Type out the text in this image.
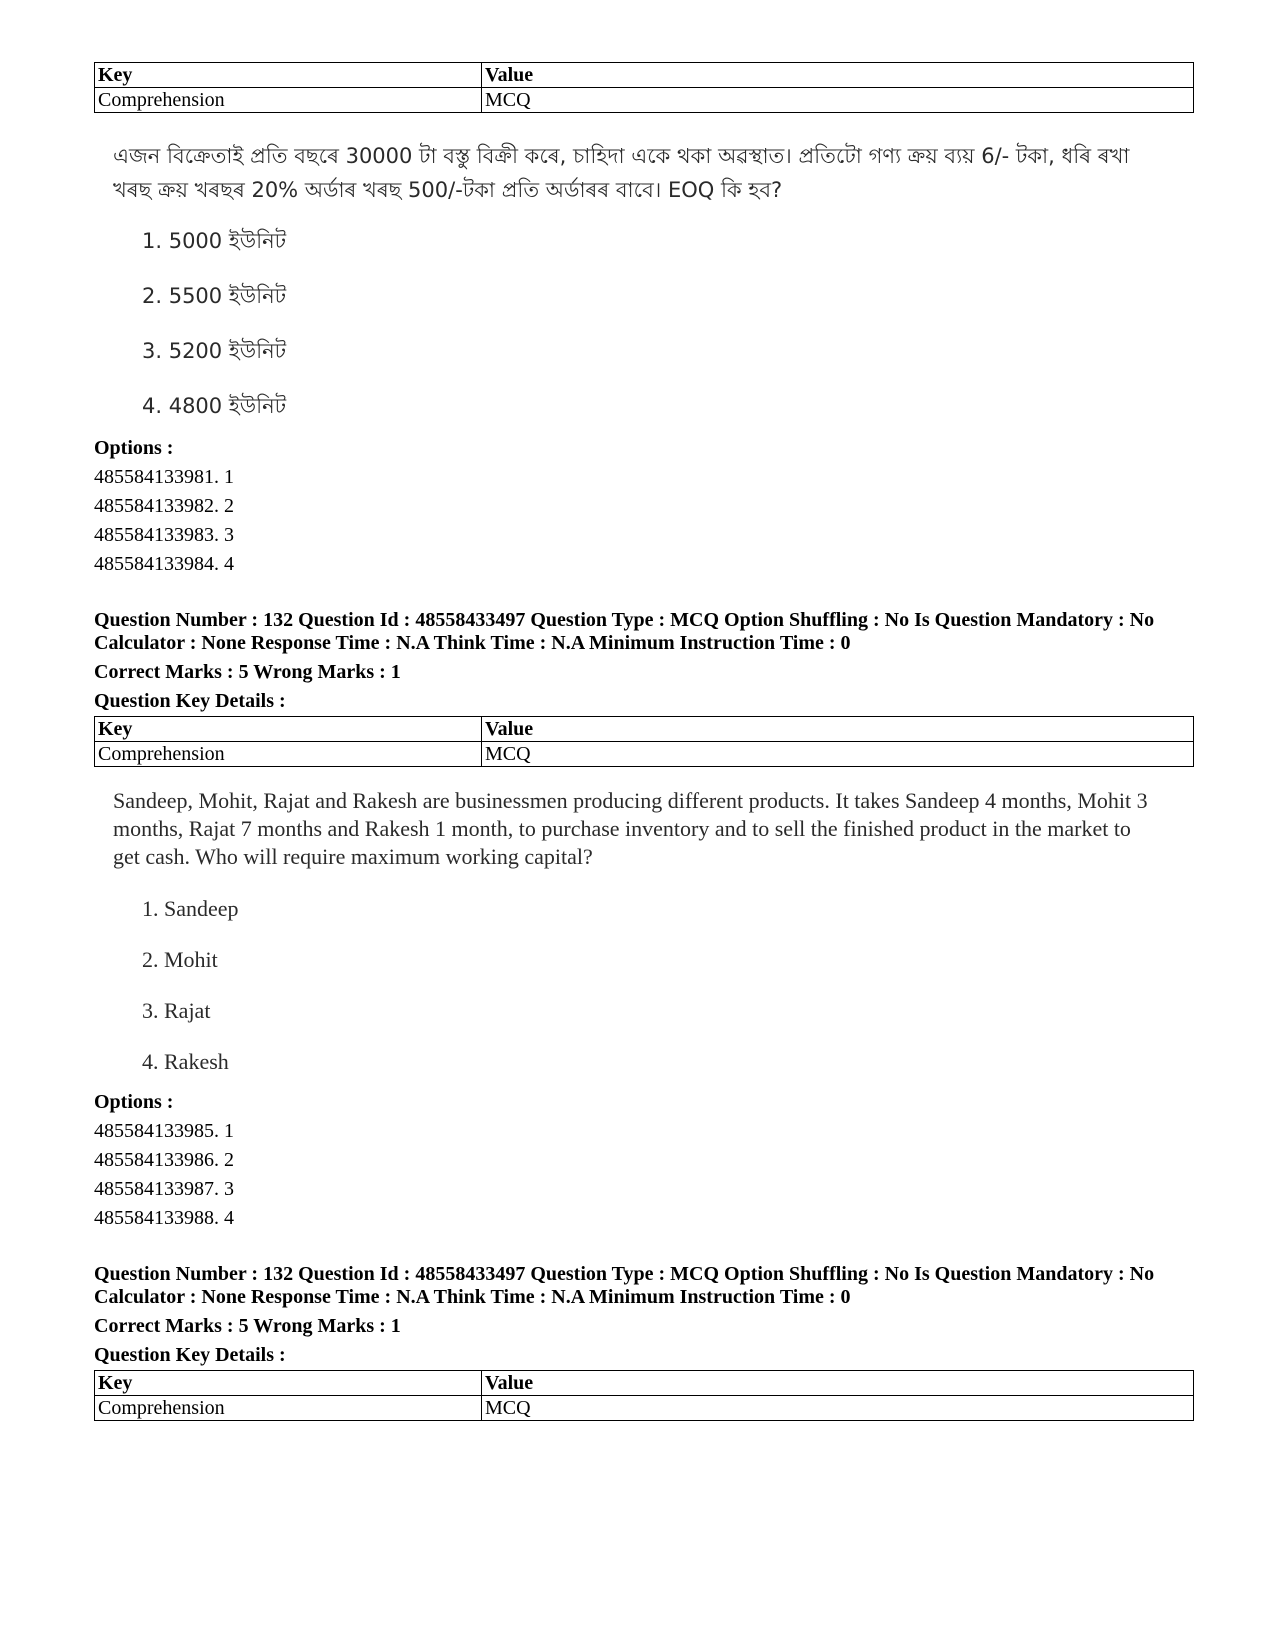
Key	Value
Comprehension	MCQ
এজন বিক্ৰেতাই প্ৰতি বছৰে 30000 টা বস্তু বিক্ৰী কৰে, চাহিদা একে থকা অৱস্থাত। প্ৰতিটো গণ্য ক্ৰয় ব্যয় 6/- টকা, ধৰি ৰখা খৰছ ক্ৰয় খৰছৰ 20% অৰ্ডাৰ খৰছ 500/-টকা প্ৰতি অৰ্ডাৰৰ বাবে। EOQ কি হব?
1. 5000 ইউনিট
2. 5500 ইউনিট
3. 5200 ইউনিট
4. 4800 ইউনিট
Options :
485584133981. 1
485584133982. 2
485584133983. 3
485584133984. 4
Question Number : 132 Question Id : 48558433497 Question Type : MCQ Option Shuffling : No Is Question Mandatory : No Calculator : None Response Time : N.A Think Time : N.A Minimum Instruction Time : 0
Correct Marks : 5 Wrong Marks : 1
Question Key Details :
Key	Value
Comprehension	MCQ
Sandeep, Mohit, Rajat and Rakesh are businessmen producing different products. It takes Sandeep 4 months, Mohit 3 months, Rajat 7 months and Rakesh 1 month, to purchase inventory and to sell the finished product in the market to get cash. Who will require maximum working capital?
1. Sandeep
2. Mohit
3. Rajat
4. Rakesh
Options :
485584133985. 1
485584133986. 2
485584133987. 3
485584133988. 4
Question Number : 132 Question Id : 48558433497 Question Type : MCQ Option Shuffling : No Is Question Mandatory : No Calculator : None Response Time : N.A Think Time : N.A Minimum Instruction Time : 0
Correct Marks : 5 Wrong Marks : 1
Question Key Details :
Key	Value
Comprehension	MCQ
